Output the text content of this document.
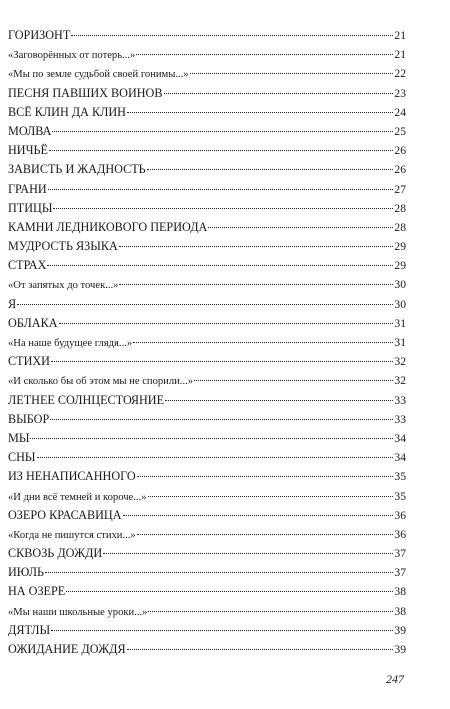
ГОРИЗОНТ	21
«Заговорённых от потерь...»	21
«Мы по земле судьбой своей гонимы...»	22
ПЕСНЯ ПАВШИХ ВОИНОВ	23
ВСЁ КЛИН ДА КЛИН	24
МОЛВА	25
НИЧЬЁ	26
ЗАВИСТЬ И ЖАДНОСТЬ	26
ГРАНИ	27
ПТИЦЫ	28
КАМНИ ЛЕДНИКОВОГО ПЕРИОДА	28
МУДРОСТЬ ЯЗЫКА	29
СТРАХ	29
«От запятых до точек...»	30
Я	30
ОБЛАКА	31
«На наше будущее глядя...»	31
СТИХИ	32
«И сколько бы об этом мы не спорили...»	32
ЛЕТНЕЕ СОЛНЦЕСТОЯНИЕ	33
ВЫБОР	33
МЫ	34
СНЫ	34
ИЗ НЕНАПИСАННОГО	35
«И дни всё темней и короче...»	35
ОЗЕРО КРАСАВИЦА	36
«Когда не пишутся стихи...»	36
СКВОЗЬ ДОЖДИ	37
ИЮЛЬ	37
НА ОЗЕРЕ	38
«Мы наши школьные уроки...»	38
ДЯТЛЫ	39
ОЖИДАНИЕ ДОЖДЯ	39
247
